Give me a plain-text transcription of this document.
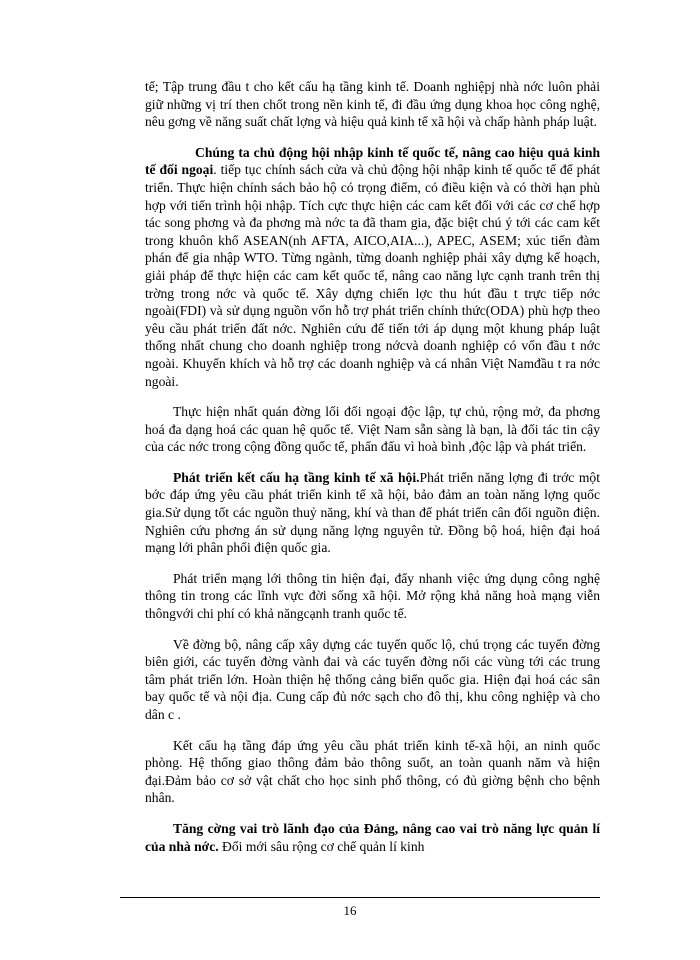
tế; Tập trung đầu t cho kết cấu hạ tầng kinh tế. Doanh nghiệpj nhà nớc luôn phải giữ những vị trí then chốt trong nền kinh tế, đi đầu ứng dụng khoa học công nghệ, nêu gơng về năng suất chất lợng và hiệu quả kinh tế xã hội và chấp hành pháp luật.

Chúng ta chủ động hội nhập kinh tế quốc tế, nâng cao hiệu quả kinh tế đối ngoại. tiếp tục chính sách cửa và chủ động hội nhập kinh tế quốc tế để phát triển. Thực hiện chính sách bảo hộ có trọng điểm, có điều kiện và có thời hạn phù hợp với tiến trình hội nhập. Tích cực thực hiện các cam kết đối với các cơ chế hợp tác song phơng và đa phơng mà nớc ta đã tham gia, đặc biệt chú ý tới các cam kết trong khuôn khổ ASEAN(nh AFTA, AICO,AIA...), APEC, ASEM; xúc tiến đàm phán để gia nhập WTO. Từng ngành, từng doanh nghiệp phải xây dựng kế hoạch, giải pháp để thực hiện các cam kết quốc tế, nâng cao năng lực cạnh tranh trên thị trờng trong nớc và quốc tế. Xây dựng chiến lợc thu hút đầu t trực tiếp nớc ngoài(FDI) và sử dụng nguồn vốn hỗ trợ phát triển chính thức(ODA) phù hợp theo yêu cầu phát triển đất nớc. Nghiên cứu để tiến tới áp dụng một khung pháp luật thống nhất chung cho doanh nghiệp trong nớcvà doanh nghiệp có vốn đầu t nớc ngoài. Khuyến khích và hỗ trợ các doanh nghiệp và cá nhân Việt Namđầu t ra nớc ngoài.

Thực hiện nhất quán đờng lối đối ngoại độc lập, tự chủ, rộng mở, đa phơng hoá đa dạng hoá các quan hệ quốc tế. Việt Nam sẵn sàng là bạn, là đối tác tin cậy của các nớc trong cộng đồng quốc tế, phấn đấu vì hoà bình ,độc lập và phát triển.

Phát triển kết cấu hạ tầng kinh tế xã hội.Phát triển năng lợng đi trớc một bớc đáp ứng yêu cầu phát triển kinh tế xã hội, bảo đảm an toàn năng lợng quốc gia.Sử dụng tốt các nguồn thuỷ năng, khí và than để phát triển cân đối nguồn điện. Nghiên cứu phơng án sử dụng năng lợng nguyên tử. Đồng bộ hoá, hiện đại hoá mạng lới phân phối điện quốc gia.

Phát triển mạng lới thông tin hiện đại, đẩy nhanh việc ứng dụng công nghệ thông tin trong các lĩnh vực đời sống xã hội. Mở rộng khả năng hoà mạng viễn thôngvới chi phí có khả năngcạnh tranh quốc tế.

Về đờng bộ, nâng cấp xây dựng các tuyến quốc lộ, chú trọng các tuyến đờng biên giới, các tuyến đờng vành đai và các tuyến đờng nối các vùng tới các trung tâm phát triển lớn. Hoàn thiện hệ thống cảng biển quốc gia. Hiện đại hoá các sân bay quốc tế và nội địa. Cung cấp đủ nớc sạch cho đô thị, khu công nghiệp và cho dân c .

Kết cấu hạ tầng đáp ứng yêu cầu phát triển kinh tế-xã hội, an ninh quốc phòng. Hệ thống giao thông đảm bảo thông suốt, an toàn quanh năm và hiện đại.Đảm bảo cơ sở vật chất cho học sinh phổ thông, có đủ giờng bệnh cho bệnh nhân.

Tăng cờng vai trò lãnh đạo của Đảng, nâng cao vai trò năng lực quản lí của nhà nớc. Đổi mới sâu rộng cơ chế quản lí kinh

16
